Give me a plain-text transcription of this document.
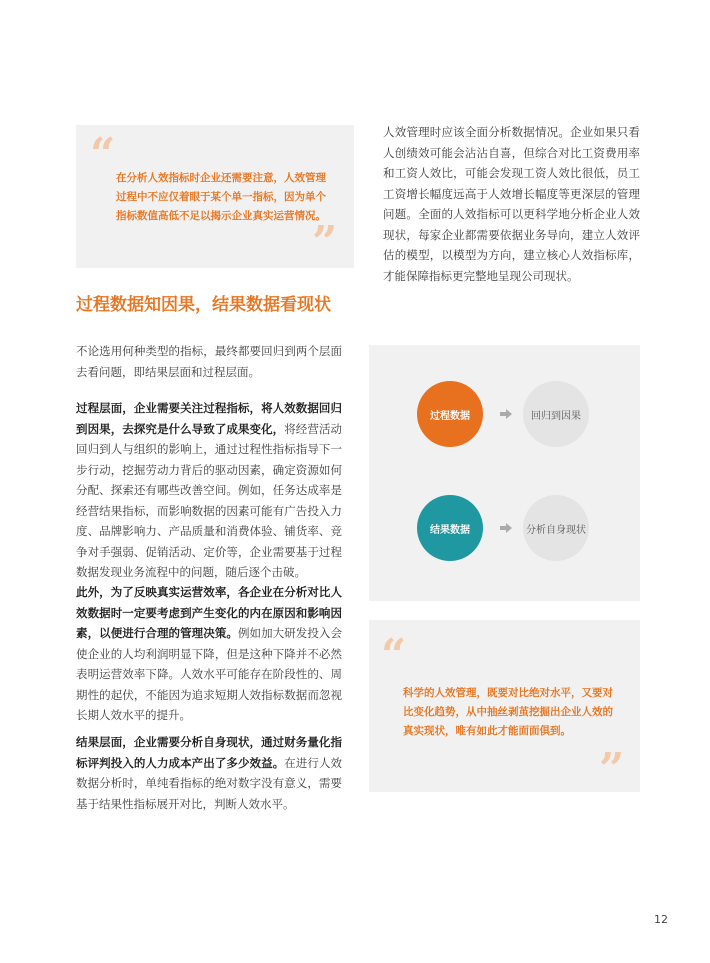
“ 在分析人效指标时企业还需要注意，人效管理过程中不应仅着眼于某个单一指标，因为单个指标数值高低不足以揭示企业真实运营情况。
”
人效管理时应该全面分析数据情况。企业如果只看人创绩效可能会沾沾自喜，但综合对比工资费用率和工资人效比，可能会发现工资人效比很低，员工工资增长幅度远高于人效增长幅度等更深层的管理问题。全面的人效指标可以更科学地分析企业人效现状，每家企业都需要依据业务导向，建立人效评估的模型，以模型为方向，建立核心人效指标库，才能保障指标更完整地呈现公司现状。
过程数据知因果，结果数据看现状
不论选用何种类型的指标，最终都要回归到两个层面去看问题，即结果层面和过程层面。
过程层面，企业需要关注过程指标，将人效数据回归到因果，去探究是什么导致了成果变化，将经营活动回归到人与组织的影响上，通过过程性指标指导下一步行动，挖掘劳动力背后的驱动因素，确定资源如何分配、探索还有哪些改善空间。例如，任务达成率是经营结果指标，而影响数据的因素可能有广告投入力度、品牌影响力、产品质量和消费体验、铺货率、竞争对手强弱、促销活动、定价等，企业需要基于过程数据发现业务流程中的问题，随后逐个击破。
此外，为了反映真实运营效率，各企业在分析对比人效数据时一定要考虑到产生变化的内在原因和影响因素，以便进行合理的管理决策。例如加大研发投入会使企业的人均利润明显下降，但是这种下降并不必然表明运营效率下降。人效水平可能存在阶段性的、周期性的起伏，不能因为追求短期人效指标数据而忽视长期人效水平的提升。
结果层面，企业需要分析自身现状，通过财务量化指标评判投入的人力成本产出了多少效益。在进行人效数据分析时，单纯看指标的绝对数字没有意义，需要基于结果性指标展开对比，判断人效水平。
过程数据	回归到因果
结果数据	分析自身现状
“
科学的人效管理，既要对比绝对水平，又要对比变化趋势，从中抽丝剥茧挖掘出企业人效的真实现状，唯有如此才能面面俱到。
”
12
